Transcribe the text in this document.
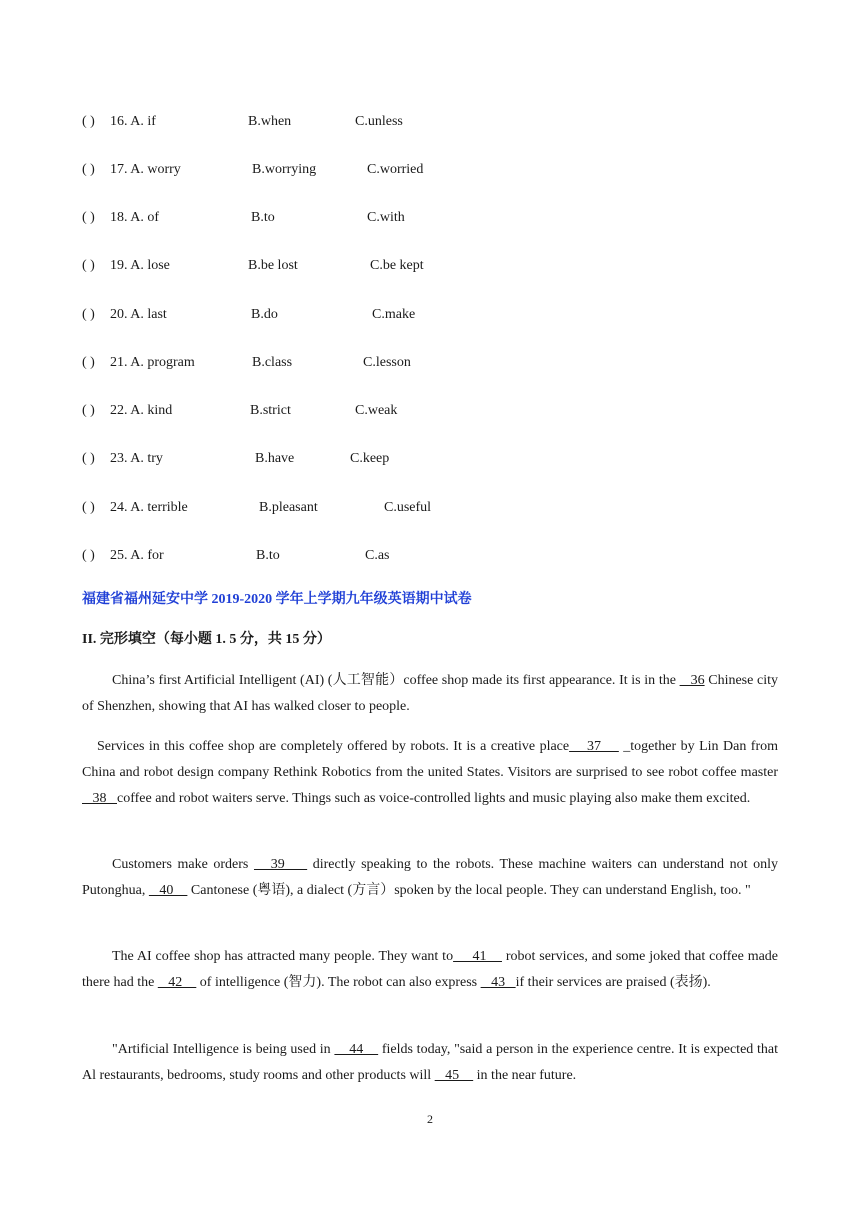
( ) 16. A. if	B.when	C.unless
( ) 17. A. worry	B.worrying	C.worried
( ) 18. A. of	B.to	C.with
( ) 19. A. lose	B.be lost	C.be kept
( ) 20. A. last	B.do	C.make
( ) 21. A. program	B.class	C.lesson
( ) 22. A. kind	B.strict	C.weak
( ) 23. A. try	B.have	C.keep
( ) 24. A. terrible	B.pleasant	C.useful
( ) 25. A. for	B.to	C.as
福建省福州延安中学 2019-2020 学年上学期九年级英语期中试卷
II. 完形填空（每小题 1. 5 分，共 15 分）

China’s first Artificial Intelligent (AI) (人工智能）coffee shop made its first appearance. It is in the    36 Chinese city of Shenzhen, showing that AI has walked closer to people.

Services in this coffee shop are completely offered by robots. It is a creative place    37     _together by Lin Dan from China and robot design company Rethink Robotics from the united States. Visitors are surprised to see robot coffee master    38   coffee and robot waiters serve. Things such as voice-controlled lights and music playing also make them excited.

Customers make orders    39     directly speaking to the robots. These machine waiters can understand not only Putonghua,    40     Cantonese (粤语), a dialect (方言）spoken by the local people. They can understand English, too. "

The AI coffee shop has attracted many people. They want to     41     robot services, and some joked that coffee made there had the    42     of intelligence (智力). The robot can also express    43   if their services are praised (表扬).

"Artificial Intelligence is being used in     44     fields today, "said a person in the experience centre. It is expected that Al restaurants, bedrooms, study rooms and other products will    45     in the near future.

2
